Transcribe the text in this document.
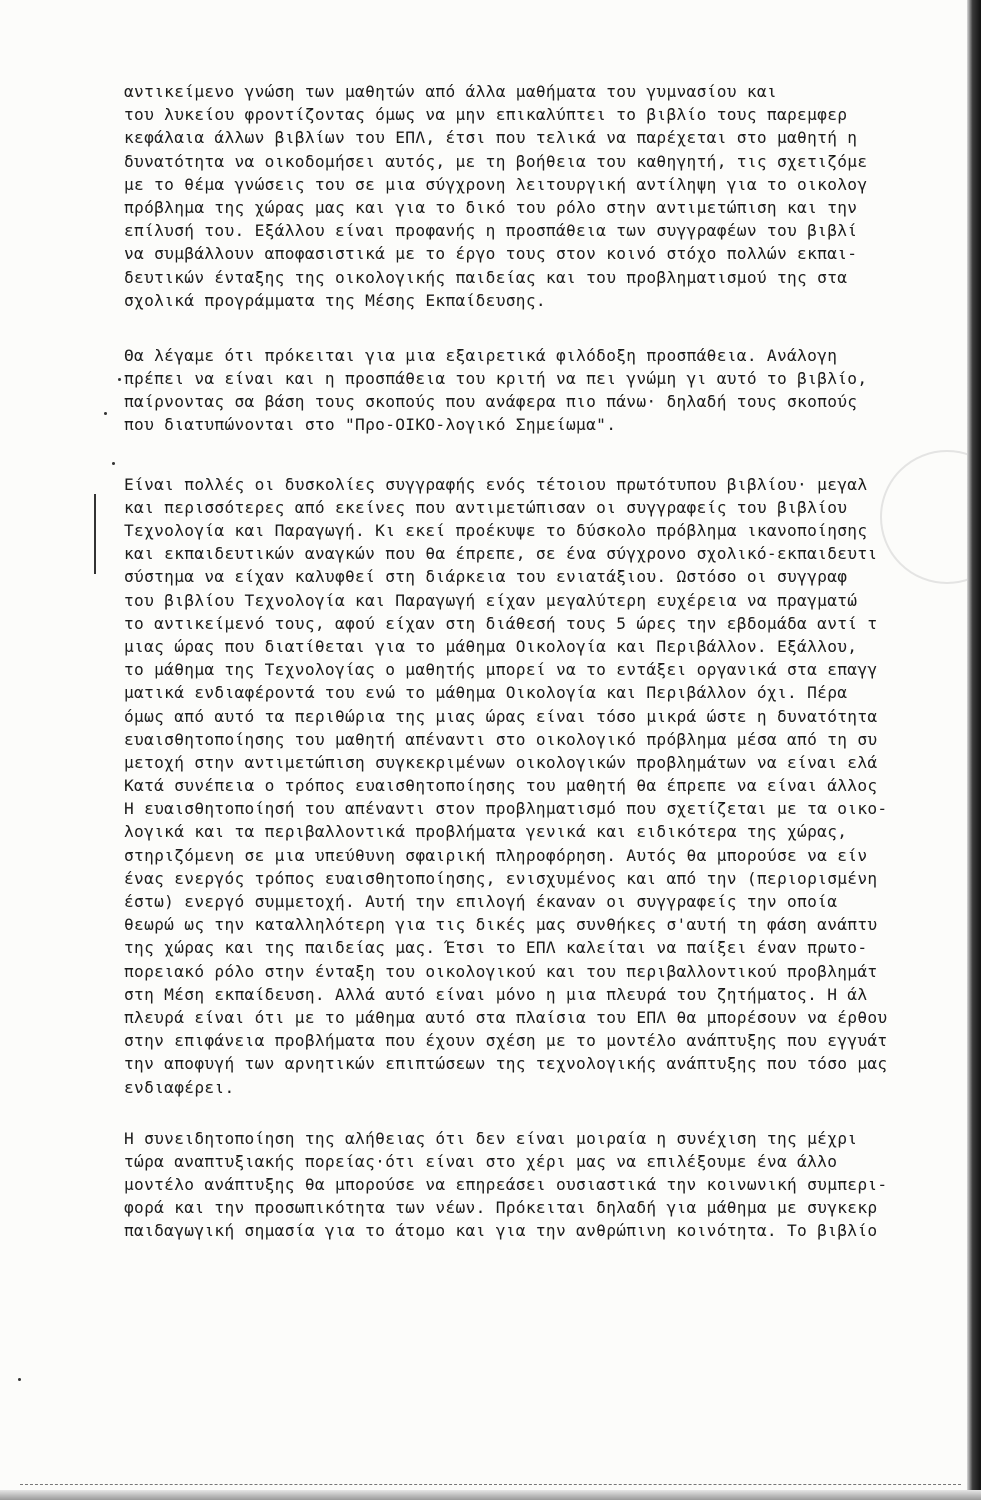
αντικείμενο γνώση των μαθητών από άλλα μαθήματα του γυμνασίου και
του λυκείου φροντίζοντας όμως να μην επικαλύπτει το βιβλίο τους παρεμφερ
κεφάλαια άλλων βιβλίων του ΕΠΛ, έτσι που τελικά να παρέχεται στο μαθητή η
δυνατότητα να οικοδομήσει αυτός, με τη βοήθεια του καθηγητή, τις σχετιζόμε
με το θέμα γνώσεις του σε μια σύγχρονη λειτουργική αντίληψη για το οικολογ
πρόβλημα της χώρας μας και για το δικό του ρόλο στην αντιμετώπιση και την
επίλυσή του. Εξάλλου είναι προφανής η προσπάθεια των συγγραφέων του βιβλί
να συμβάλλουν αποφασιστικά με το έργο τους στον κοινό στόχο πολλών εκπαι-
δευτικών ένταξης της οικολογικής παιδείας και του προβληματισμού της στα
σχολικά προγράμματα της Μέσης Εκπαίδευσης.
Θα λέγαμε ότι πρόκειται για μια εξαιρετικά φιλόδοξη προσπάθεια. Ανάλογη
πρέπει να είναι και η προσπάθεια του κριτή να πει γνώμη γι αυτό το βιβλίο,
παίρνοντας σα βάση τους σκοπούς που ανάφερα πιο πάνω· δηλαδή τους σκοπούς
που διατυπώνονται στο "Προ-ΟΙΚΟ-λογικό Σημείωμα".
Είναι πολλές οι δυσκολίες συγγραφής ενός τέτοιου πρωτότυπου βιβλίου· μεγαλ
και περισσότερες από εκείνες που αντιμετώπισαν οι συγγραφείς του βιβλίου
Τεχνολογία και Παραγωγή. Κι εκεί προέκυψε το δύσκολο πρόβλημα ικανοποίησης
και εκπαιδευτικών αναγκών που θα έπρεπε, σε ένα σύγχρονο σχολικό-εκπαιδευτι
σύστημα να είχαν καλυφθεί στη διάρκεια του ενιατάξιου. Ωστόσο οι συγγραφ
του βιβλίου Τεχνολογία και Παραγωγή είχαν μεγαλύτερη ευχέρεια να πραγματώ
το αντικείμενό τους, αφού είχαν στη διάθεσή τους 5 ώρες την εβδομάδα αντί τ
μιας ώρας που διατίθεται για το μάθημα Οικολογία και Περιβάλλον. Εξάλλου,
το μάθημα της Τεχνολογίας ο μαθητής μπορεί να το εντάξει οργανικά στα επαγγ
ματικά ενδιαφέροντά του ενώ το μάθημα Οικολογία και Περιβάλλον όχι. Πέρα
όμως από αυτό τα περιθώρια της μιας ώρας είναι τόσο μικρά ώστε η δυνατότητα
ευαισθητοποίησης του μαθητή απέναντι στο οικολογικό πρόβλημα μέσα από τη συ
μετοχή στην αντιμετώπιση συγκεκριμένων οικολογικών προβλημάτων να είναι ελά
Κατά συνέπεια ο τρόπος ευαισθητοποίησης του μαθητή θα έπρεπε να είναι άλλος
Η ευαισθητοποίησή του απέναντι στον προβληματισμό που σχετίζεται με τα οικο-
λογικά και τα περιβαλλοντικά προβλήματα γενικά και ειδικότερα της χώρας,
στηριζόμενη σε μια υπεύθυνη σφαιρική πληροφόρηση. Αυτός θα μπορούσε να είν
ένας ενεργός τρόπος ευαισθητοποίησης, ενισχυμένος και από την (περιορισμένη
έστω) ενεργό συμμετοχή. Αυτή την επιλογή έκαναν οι συγγραφείς την οποία
θεωρώ ως την καταλληλότερη για τις δικές μας συνθήκες σ'αυτή τη φάση ανάπτυ
της χώρας και της παιδείας μας. Έτσι το ΕΠΛ καλείται να παίξει έναν πρωτο-
πορειακό ρόλο στην ένταξη του οικολογικού και του περιβαλλοντικού προβλημάτ
στη Μέση εκπαίδευση. Αλλά αυτό είναι μόνο η μια πλευρά του ζητήματος. Η άλ
πλευρά είναι ότι με το μάθημα αυτό στα πλαίσια του ΕΠΛ θα μπορέσουν να έρθου
στην επιφάνεια προβλήματα που έχουν σχέση με το μοντέλο ανάπτυξης που εγγυάτ
την αποφυγή των αρνητικών επιπτώσεων της τεχνολογικής ανάπτυξης που τόσο μας
ενδιαφέρει.
Η συνειδητοποίηση της αλήθειας ότι δεν είναι μοιραία η συνέχιση της μέχρι
τώρα αναπτυξιακής πορείας·ότι είναι στο χέρι μας να επιλέξουμε ένα άλλο
μοντέλο ανάπτυξης θα μπορούσε να επηρεάσει ουσιαστικά την κοινωνική συμπερι-
φορά και την προσωπικότητα των νέων. Πρόκειται δηλαδή για μάθημα με συγκεκρ
παιδαγωγική σημασία για το άτομο και για την ανθρώπινη κοινότητα. Το βιβλίο
